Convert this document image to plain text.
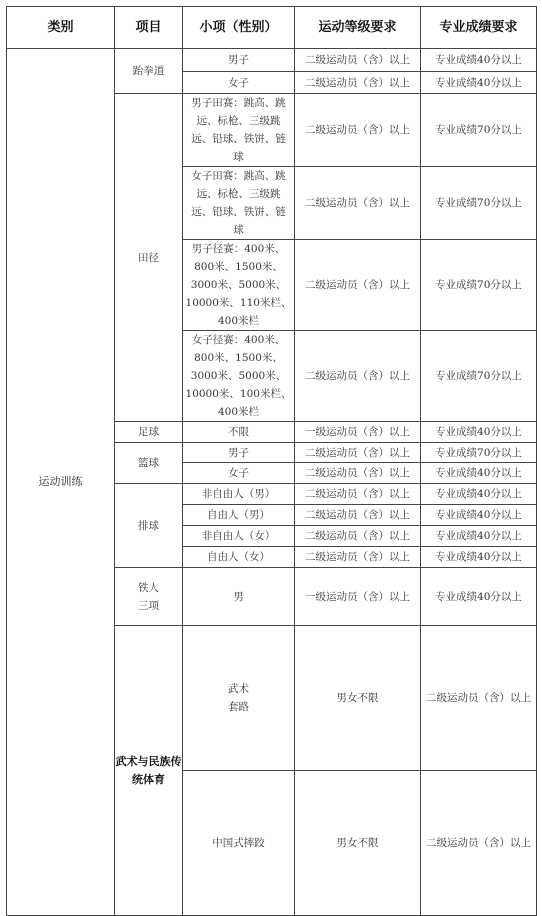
类别	项目	小项（性别）	运动等级要求	专业成绩要求	
运动训练	跆拳道	男子	二级运动员（含）以上	专业成绩40分以上	
		女子	二级运动员（含）以上	专业成绩40分以上	
	田径	男子田赛：跳高、跳
远、标枪、三级跳
远、铅球、铁饼、链
球	二级运动员（含）以上	专业成绩70分以上	
		女子田赛：跳高、跳
远、标枪、三级跳
远、铅球、铁饼、链
球	二级运动员（含）以上	专业成绩70分以上	
		男子径赛：400米、
800米、1500米、
3000米、5000米、
10000米、110米栏、
400米栏	二级运动员（含）以上	专业成绩70分以上	
		女子径赛：400米、
800米、1500米、
3000米、5000米、
10000米、100米栏、
400米栏	二级运动员（含）以上	专业成绩70分以上	
	足球	不限	一级运动员（含）以上	专业成绩40分以上	
	篮球	男子	二级运动员（含）以上	专业成绩70分以上	
		女子	二级运动员（含）以上	专业成绩40分以上	
	排球	非自由人（男）	二级运动员（含）以上	专业成绩40分以上	
		自由人（男）	二级运动员（含）以上	专业成绩40分以上	
		非自由人（女）	二级运动员（含）以上	专业成绩40分以上	
		自由人（女）	二级运动员（含）以上	专业成绩40分以上	
	铁人
三项	男	一级运动员（含）以上	专业成绩40分以上	
	武术与民族传统体育	武术
套路	男女不限	二级运动员（含）以上	
		中国式摔跤	男女不限	二级运动员（含）以上	
